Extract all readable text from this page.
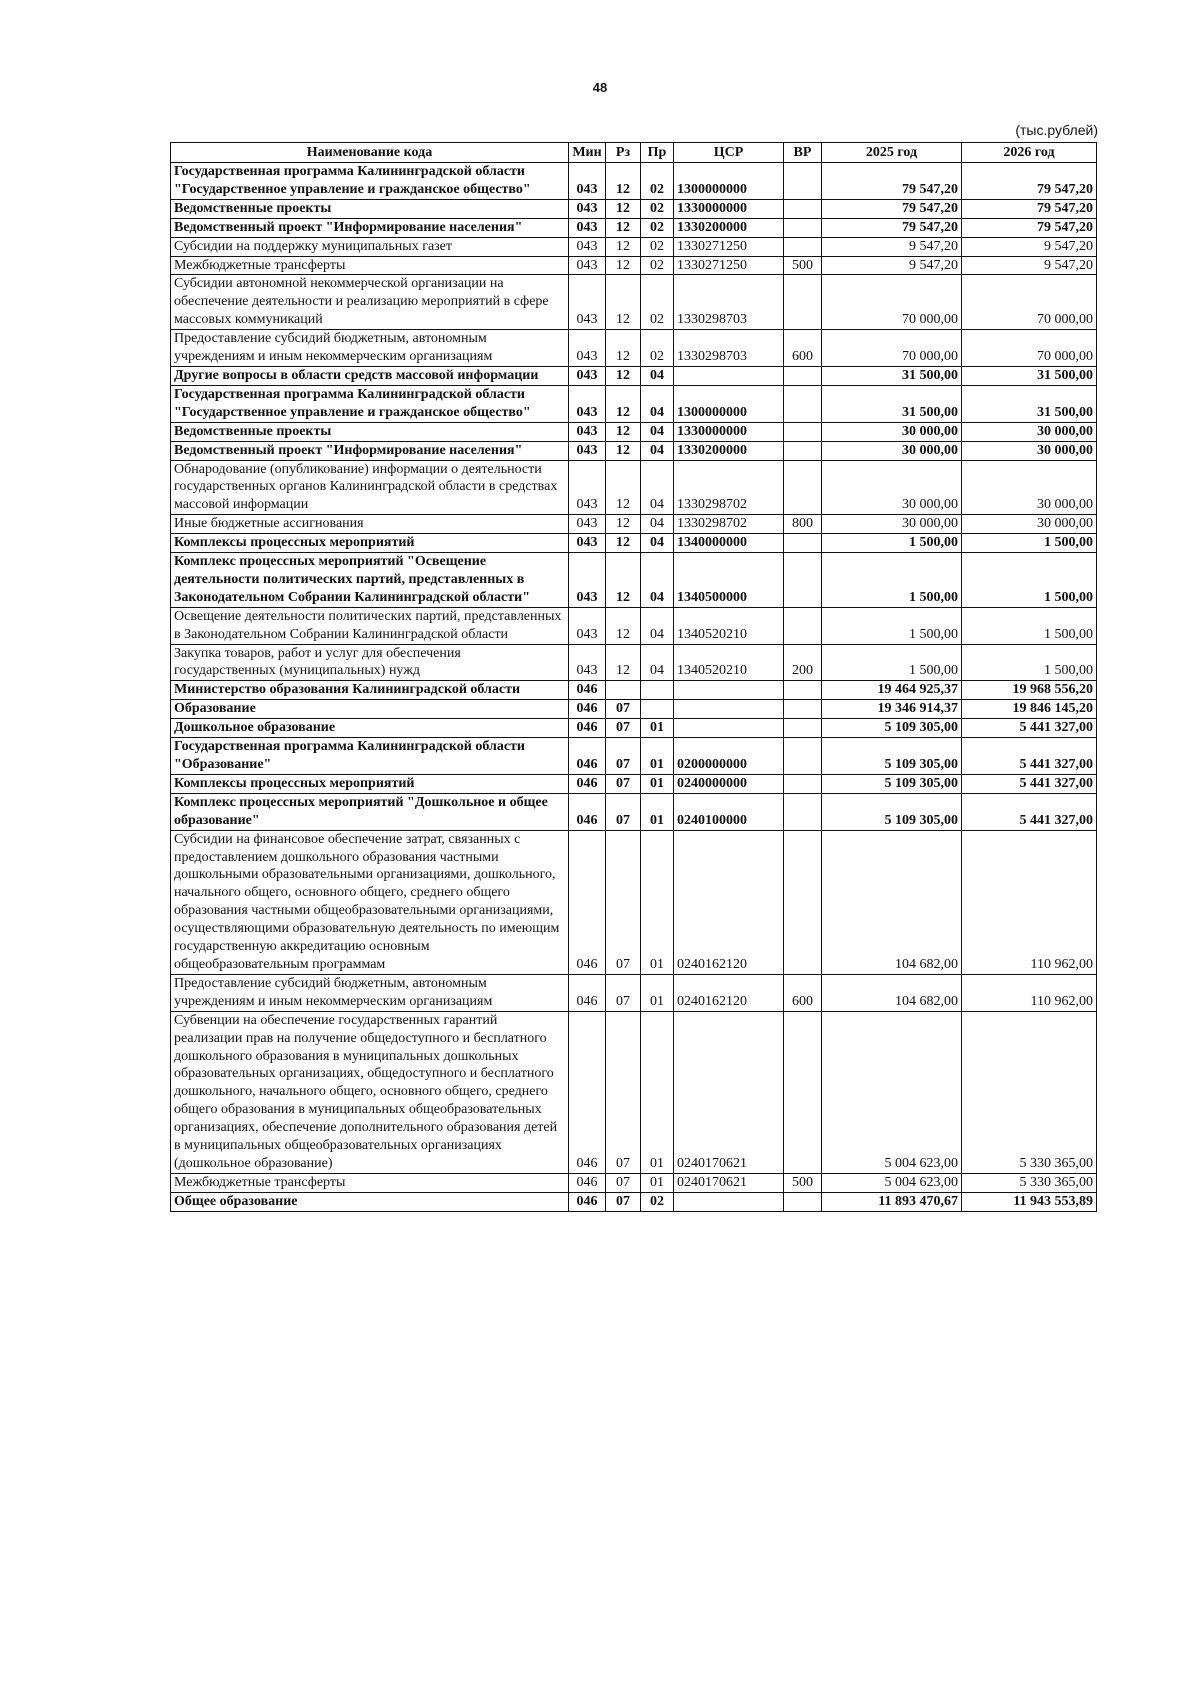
48
(тыс.рублей)
Наименование кода	Мин	Рз	Пр	ЦСР	ВР	2025 год	2026 год
Государственная программа Калининградской области "Государственное управление и гражданское общество"	043	12	02	1300000000		79 547,20	79 547,20
Ведомственные проекты	043	12	02	1330000000		79 547,20	79 547,20
Ведомственный проект "Информирование населения"	043	12	02	1330200000		79 547,20	79 547,20
Субсидии на поддержку муниципальных газет	043	12	02	1330271250		9 547,20	9 547,20
Межбюджетные трансферты	043	12	02	1330271250	500	9 547,20	9 547,20
Субсидии автономной некоммерческой организации на обеспечение деятельности и реализацию мероприятий в сфере массовых коммуникаций	043	12	02	1330298703		70 000,00	70 000,00
Предоставление субсидий бюджетным, автономным учреждениям и иным некоммерческим организациям	043	12	02	1330298703	600	70 000,00	70 000,00
Другие вопросы в области средств массовой информации	043	12	04			31 500,00	31 500,00
Государственная программа Калининградской области "Государственное управление и гражданское общество"	043	12	04	1300000000		31 500,00	31 500,00
Ведомственные проекты	043	12	04	1330000000		30 000,00	30 000,00
Ведомственный проект "Информирование населения"	043	12	04	1330200000		30 000,00	30 000,00
Обнародование (опубликование) информации о деятельности государственных органов Калининградской области в средствах массовой информации	043	12	04	1330298702		30 000,00	30 000,00
Иные бюджетные ассигнования	043	12	04	1330298702	800	30 000,00	30 000,00
Комплексы процессных мероприятий	043	12	04	1340000000		1 500,00	1 500,00
Комплекс процессных мероприятий "Освещение деятельности политических партий, представленных в Законодательном Собрании Калининградской области"	043	12	04	1340500000		1 500,00	1 500,00
Освещение деятельности политических партий, представленных в Законодательном Собрании Калининградской области	043	12	04	1340520210		1 500,00	1 500,00
Закупка товаров, работ и услуг для обеспечения государственных (муниципальных) нужд	043	12	04	1340520210	200	1 500,00	1 500,00
Министерство образования Калининградской области	046					19 464 925,37	19 968 556,20
Образование	046	07				19 346 914,37	19 846 145,20
Дошкольное образование	046	07	01			5 109 305,00	5 441 327,00
Государственная программа Калининградской области "Образование"	046	07	01	0200000000		5 109 305,00	5 441 327,00
Комплексы процессных мероприятий	046	07	01	0240000000		5 109 305,00	5 441 327,00
Комплекс процессных мероприятий "Дошкольное и общее образование"	046	07	01	0240100000		5 109 305,00	5 441 327,00
Субсидии на финансовое обеспечение затрат, связанных с предоставлением дошкольного образования частными дошкольными образовательными организациями, дошкольного, начального общего, основного общего, среднего общего образования частными общеобразовательными организациями, осуществляющими образовательную деятельность по имеющим государственную аккредитацию основным общеобразовательным программам	046	07	01	0240162120		104 682,00	110 962,00
Предоставление субсидий бюджетным, автономным учреждениям и иным некоммерческим организациям	046	07	01	0240162120	600	104 682,00	110 962,00
Субвенции на обеспечение государственных гарантий реализации прав на получение общедоступного и бесплатного дошкольного образования в муниципальных дошкольных образовательных организациях, общедоступного и бесплатного дошкольного, начального общего, основного общего, среднего общего образования в муниципальных общеобразовательных организациях, обеспечение дополнительного образования детей в муниципальных общеобразовательных организациях (дошкольное образование)	046	07	01	0240170621		5 004 623,00	5 330 365,00
Межбюджетные трансферты	046	07	01	0240170621	500	5 004 623,00	5 330 365,00
Общее образование	046	07	02			11 893 470,67	11 943 553,89
